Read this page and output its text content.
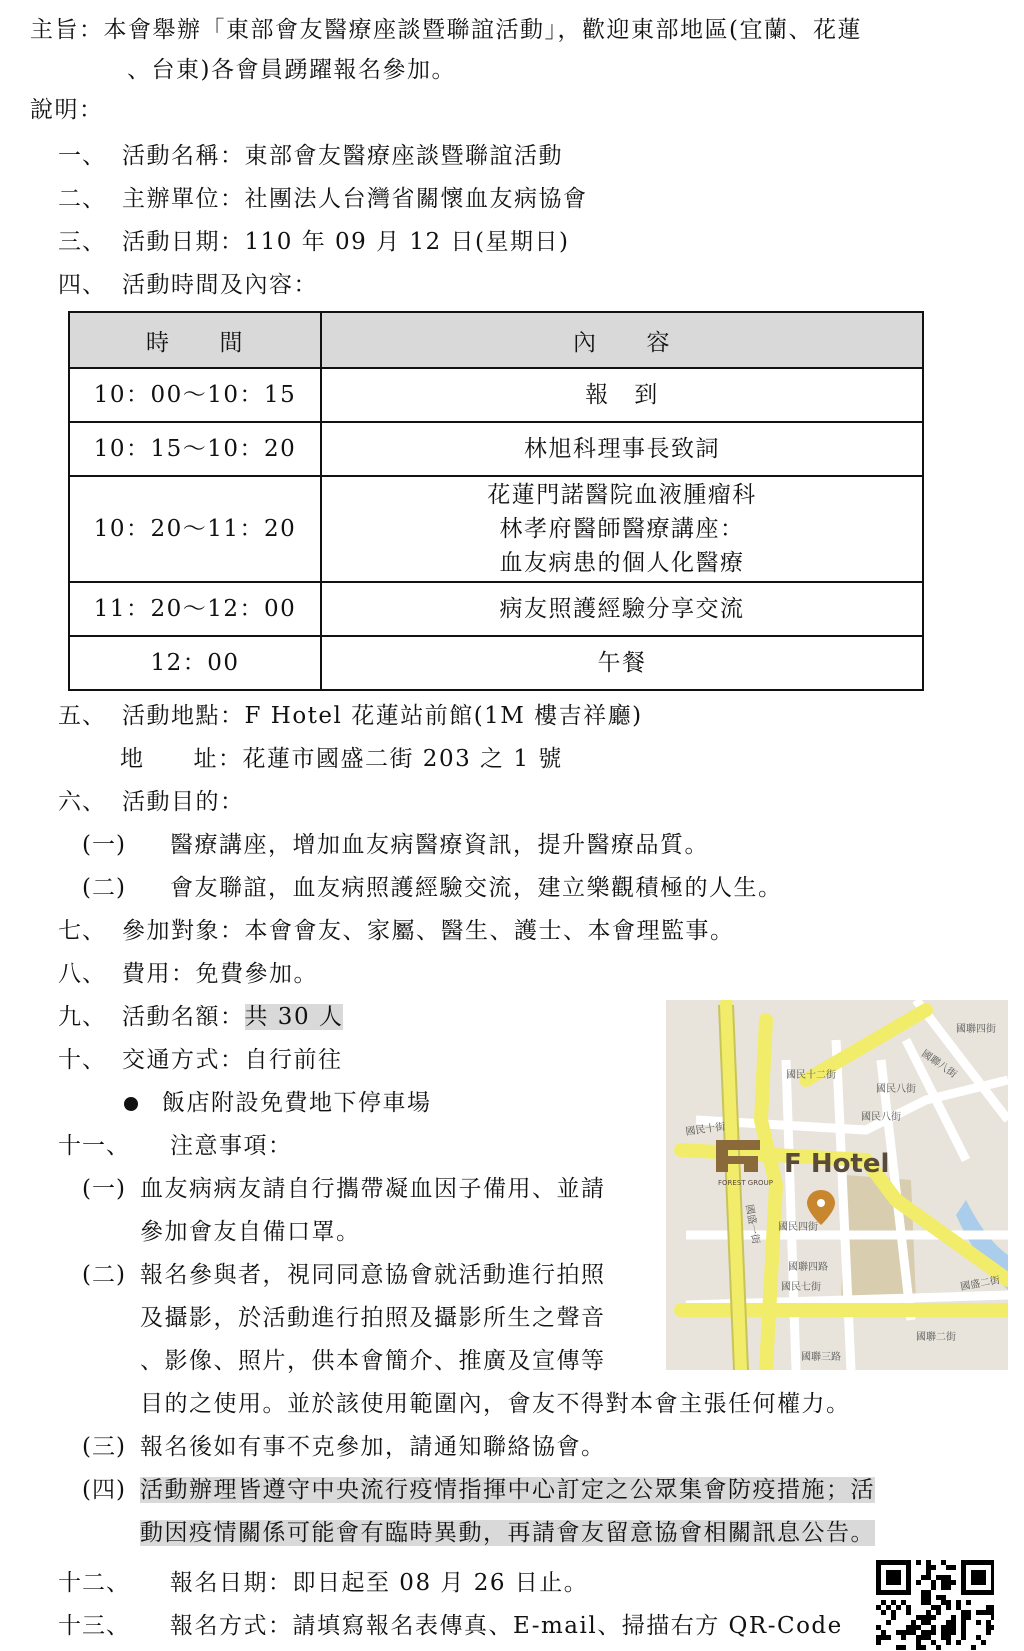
主旨：本會舉辦「東部會友醫療座談暨聯誼活動」，歡迎東部地區(宜蘭、花蓮
、台東)各會員踴躍報名參加。
說明：
一、 活動名稱：東部會友醫療座談暨聯誼活動
二、 主辦單位：社團法人台灣省關懷血友病協會
三、 活動日期：110 年 09 月 12 日(星期日)
四、 活動時間及內容：
時　　間	內　　容
10：00～10：15	報　到
10：15～10：20	林旭科理事長致詞
10：20～11：20	花蓮門諾醫院血液腫瘤科
林孝府醫師醫療講座：
血友病患的個人化醫療

11：20～12：00	病友照護經驗分享交流
12：00	午餐
五、 活動地點：F Hotel 花蓮站前館(1M 樓吉祥廳)
地　　址：花蓮市國盛二街 203 之 1 號
六、 活動目的：
(一) 醫療講座，增加血友病醫療資訊，提升醫療品質。
(二) 會友聯誼，血友病照護經驗交流，建立樂觀積極的人生。
七、 參加對象：本會會友、家屬、醫生、護士、本會理監事。
八、 費用：免費參加。
九、 活動名額：共 30 人
十、 交通方式：自行前往
飯店附設免費地下停車場
十一、 注意事項：
(一) 血友病病友請自行攜帶凝血因子備用、並請
參加會友自備口罩。
(二) 報名參與者，視同同意協會就活動進行拍照
及攝影，於活動進行拍照及攝影所生之聲音
、影像、照片，供本會簡介、推廣及宣傳等
目的之使用。並於該使用範圍內，會友不得對本會主張任何權力。
(三) 報名後如有事不克參加，請通知聯絡協會。
(四) 活動辦理皆遵守中央流行疫情指揮中心訂定之公眾集會防疫措施；活
動因疫情關係可能會有臨時異動，再請會友留意協會相關訊息公告。
十二、 報名日期：即日起至 08 月 26 日止。
十三、 報名方式：請填寫報名表傳真、E-mail、掃描右方 QR-Code
F Hotel
FOREST GROUP
國民十二街
國民八街
國民四街
國民七街
國民十街
國民八街
國聯四路
國聯三路
國聯二街
國聯四街
國聯八街
國盛一街
國盛二街
